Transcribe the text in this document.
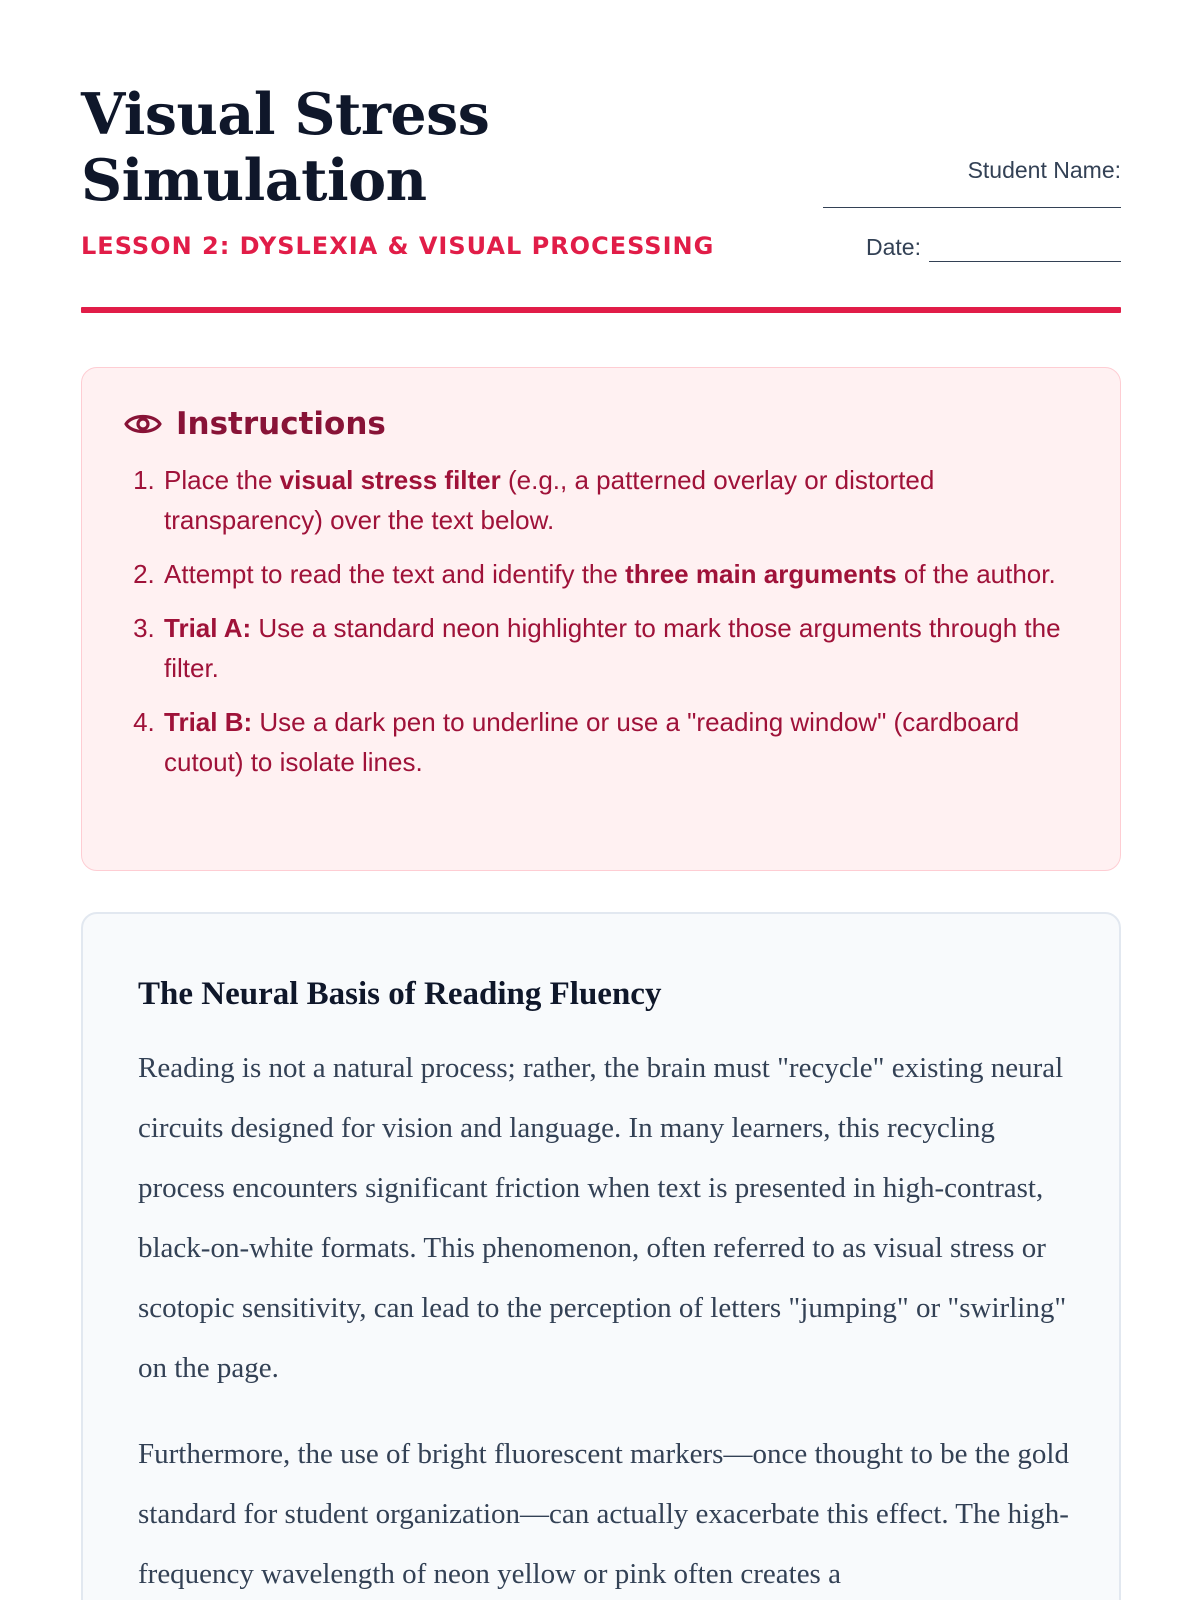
Visual Stress
Simulation
LESSON 2: DYSLEXIA & VISUAL PROCESSING
Student Name:
Date:
Instructions
1. Place the visual stress filter (e.g., a patterned overlay or distorted transparency) over the text below.
2. Attempt to read the text and identify the three main arguments of the author.
3. Trial A: Use a standard neon highlighter to mark those arguments through the filter.
4. Trial B: Use a dark pen to underline or use a "reading window" (cardboard cutout) to isolate lines.
The Neural Basis of Reading Fluency

Reading is not a natural process; rather, the brain must "recycle" existing neural circuits designed for vision and language. In many learners, this recycling process encounters significant friction when text is presented in high-contrast, black-on-white formats. This phenomenon, often referred to as visual stress or scotopic sensitivity, can lead to the perception of letters "jumping" or "swirling" on the page.

Furthermore, the use of bright fluorescent markers—once thought to be the gold standard for student organization—can actually exacerbate this effect. The high-frequency wavelength of neon yellow or pink often creates a
